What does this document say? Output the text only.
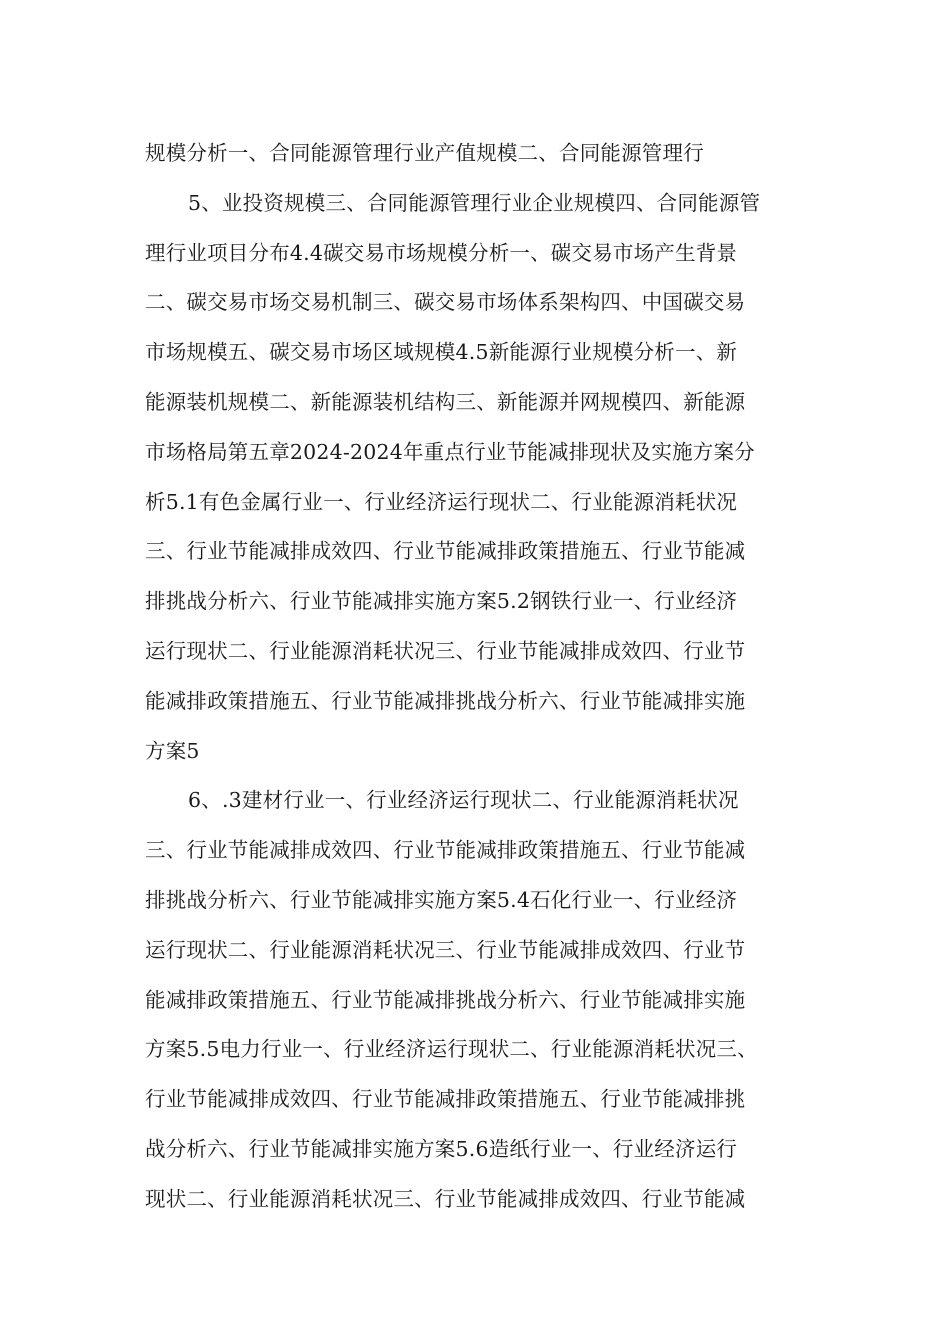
规模分析一、合同能源管理行业产值规模二、合同能源管理行
5、业投资规模三、合同能源管理行业企业规模四、合同能源管
理行业项目分布4.4碳交易市场规模分析一、碳交易市场产生背景
二、碳交易市场交易机制三、碳交易市场体系架构四、中国碳交易
市场规模五、碳交易市场区域规模4.5新能源行业规模分析一、新
能源装机规模二、新能源装机结构三、新能源并网规模四、新能源
市场格局第五章2024-2024年重点行业节能减排现状及实施方案分
析5.1有色金属行业一、行业经济运行现状二、行业能源消耗状况
三、行业节能减排成效四、行业节能减排政策措施五、行业节能减
排挑战分析六、行业节能减排实施方案5.2钢铁行业一、行业经济
运行现状二、行业能源消耗状况三、行业节能减排成效四、行业节
能减排政策措施五、行业节能减排挑战分析六、行业节能减排实施
方案5
6、.3建材行业一、行业经济运行现状二、行业能源消耗状况
三、行业节能减排成效四、行业节能减排政策措施五、行业节能减
排挑战分析六、行业节能减排实施方案5.4石化行业一、行业经济
运行现状二、行业能源消耗状况三、行业节能减排成效四、行业节
能减排政策措施五、行业节能减排挑战分析六、行业节能减排实施
方案5.5电力行业一、行业经济运行现状二、行业能源消耗状况三、
行业节能减排成效四、行业节能减排政策措施五、行业节能减排挑
战分析六、行业节能减排实施方案5.6造纸行业一、行业经济运行
现状二、行业能源消耗状况三、行业节能减排成效四、行业节能减
